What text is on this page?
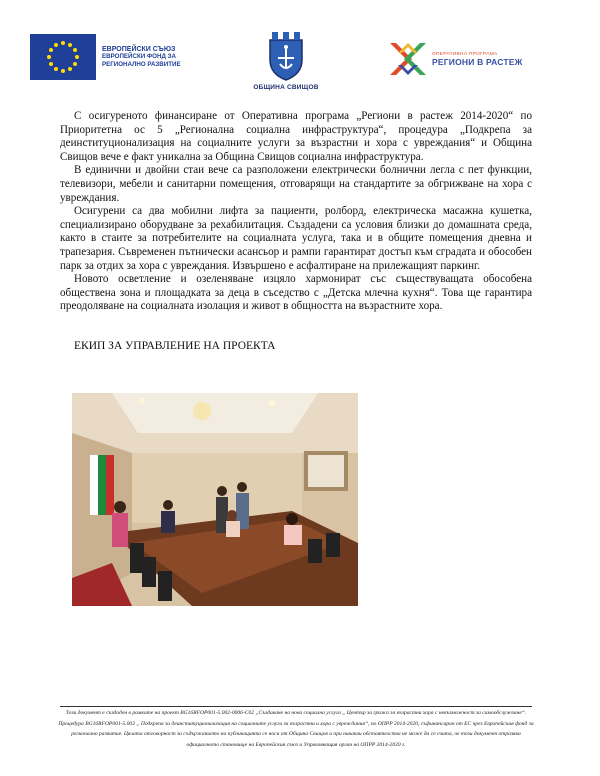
ЕВРОПЕЙСКИ СЪЮЗ
ЕВРОПЕЙСКИ ФОНД ЗА
РЕГИОНАЛНО РАЗВИТИЕ
ОБЩИНА СВИЩОВ
ОПЕРАТИВНА ПРОГРАМА
РЕГИОНИ В РАСТЕЖ

С осигуреното финансиране от Оперативна програма „Региони в растеж 2014-2020“ по Приоритетна ос 5 „Регионална социална инфраструктура“, процедура „Подкрепа за деинституционализация на социалните услуги за възрастни и хора с увреждания“ и Община Свищов вече е факт уникална за Община Свищов социална инфраструктура.

В единични и двойни стаи вече са разположени електрически болнични легла с пет функции, телевизори, мебели и санитарни помещения, отговарящи на стандартите за обгрижване на хора с увреждания.

Осигурени са два мобилни лифта за пациенти, ролборд, електрическа масажна кушетка, специализирано оборудване за рехабилитация. Създадени са условия близки до домашната среда, както в стаите за потребителите на социалната услуга, така и в общите помещения дневна и трапезария. Съвременен пътнически асансьор и рампи гарантират достъп към сградата и обособен парк за отдих за хора с увреждания. Извършено е асфалтиране на прилежащият паркинг.

Новото осветление и озеленяване изцяло хармонират със съществуващата обособена обществена зона и площадката за деца в съседство с „Детска млечна кухня“. Това ще гарантира преодоляване на социалната изолация и живот в общността на възрастните хора.

ЕКИП ЗА УПРАВЛЕНИЕ НА ПРОЕКТА
Този документ е създаден в рамките на проект BG16RFOP001-5.002-0006-C02 „Създаване на нова социална услуга „ Център за грижа за възрастни хора с невъзможност за самообслужване“. Процедура BG16RFOP001-5.002 „ Подкрепа за деинституционализация на социалните услуги за възрастни и хора с увреждания“, по ОПРР 2014-2020, съфинансиран от ЕС чрез Европейския фонд за регионално развитие. Цялата отговорност за съдържанието на публикацията се носи от Община Свищов и при никакви обстоятелства не може да се счита, че този документ отразява официалното становище на Европейския съюз и Управляващия орган на ОПРР 2014-2020 г.
